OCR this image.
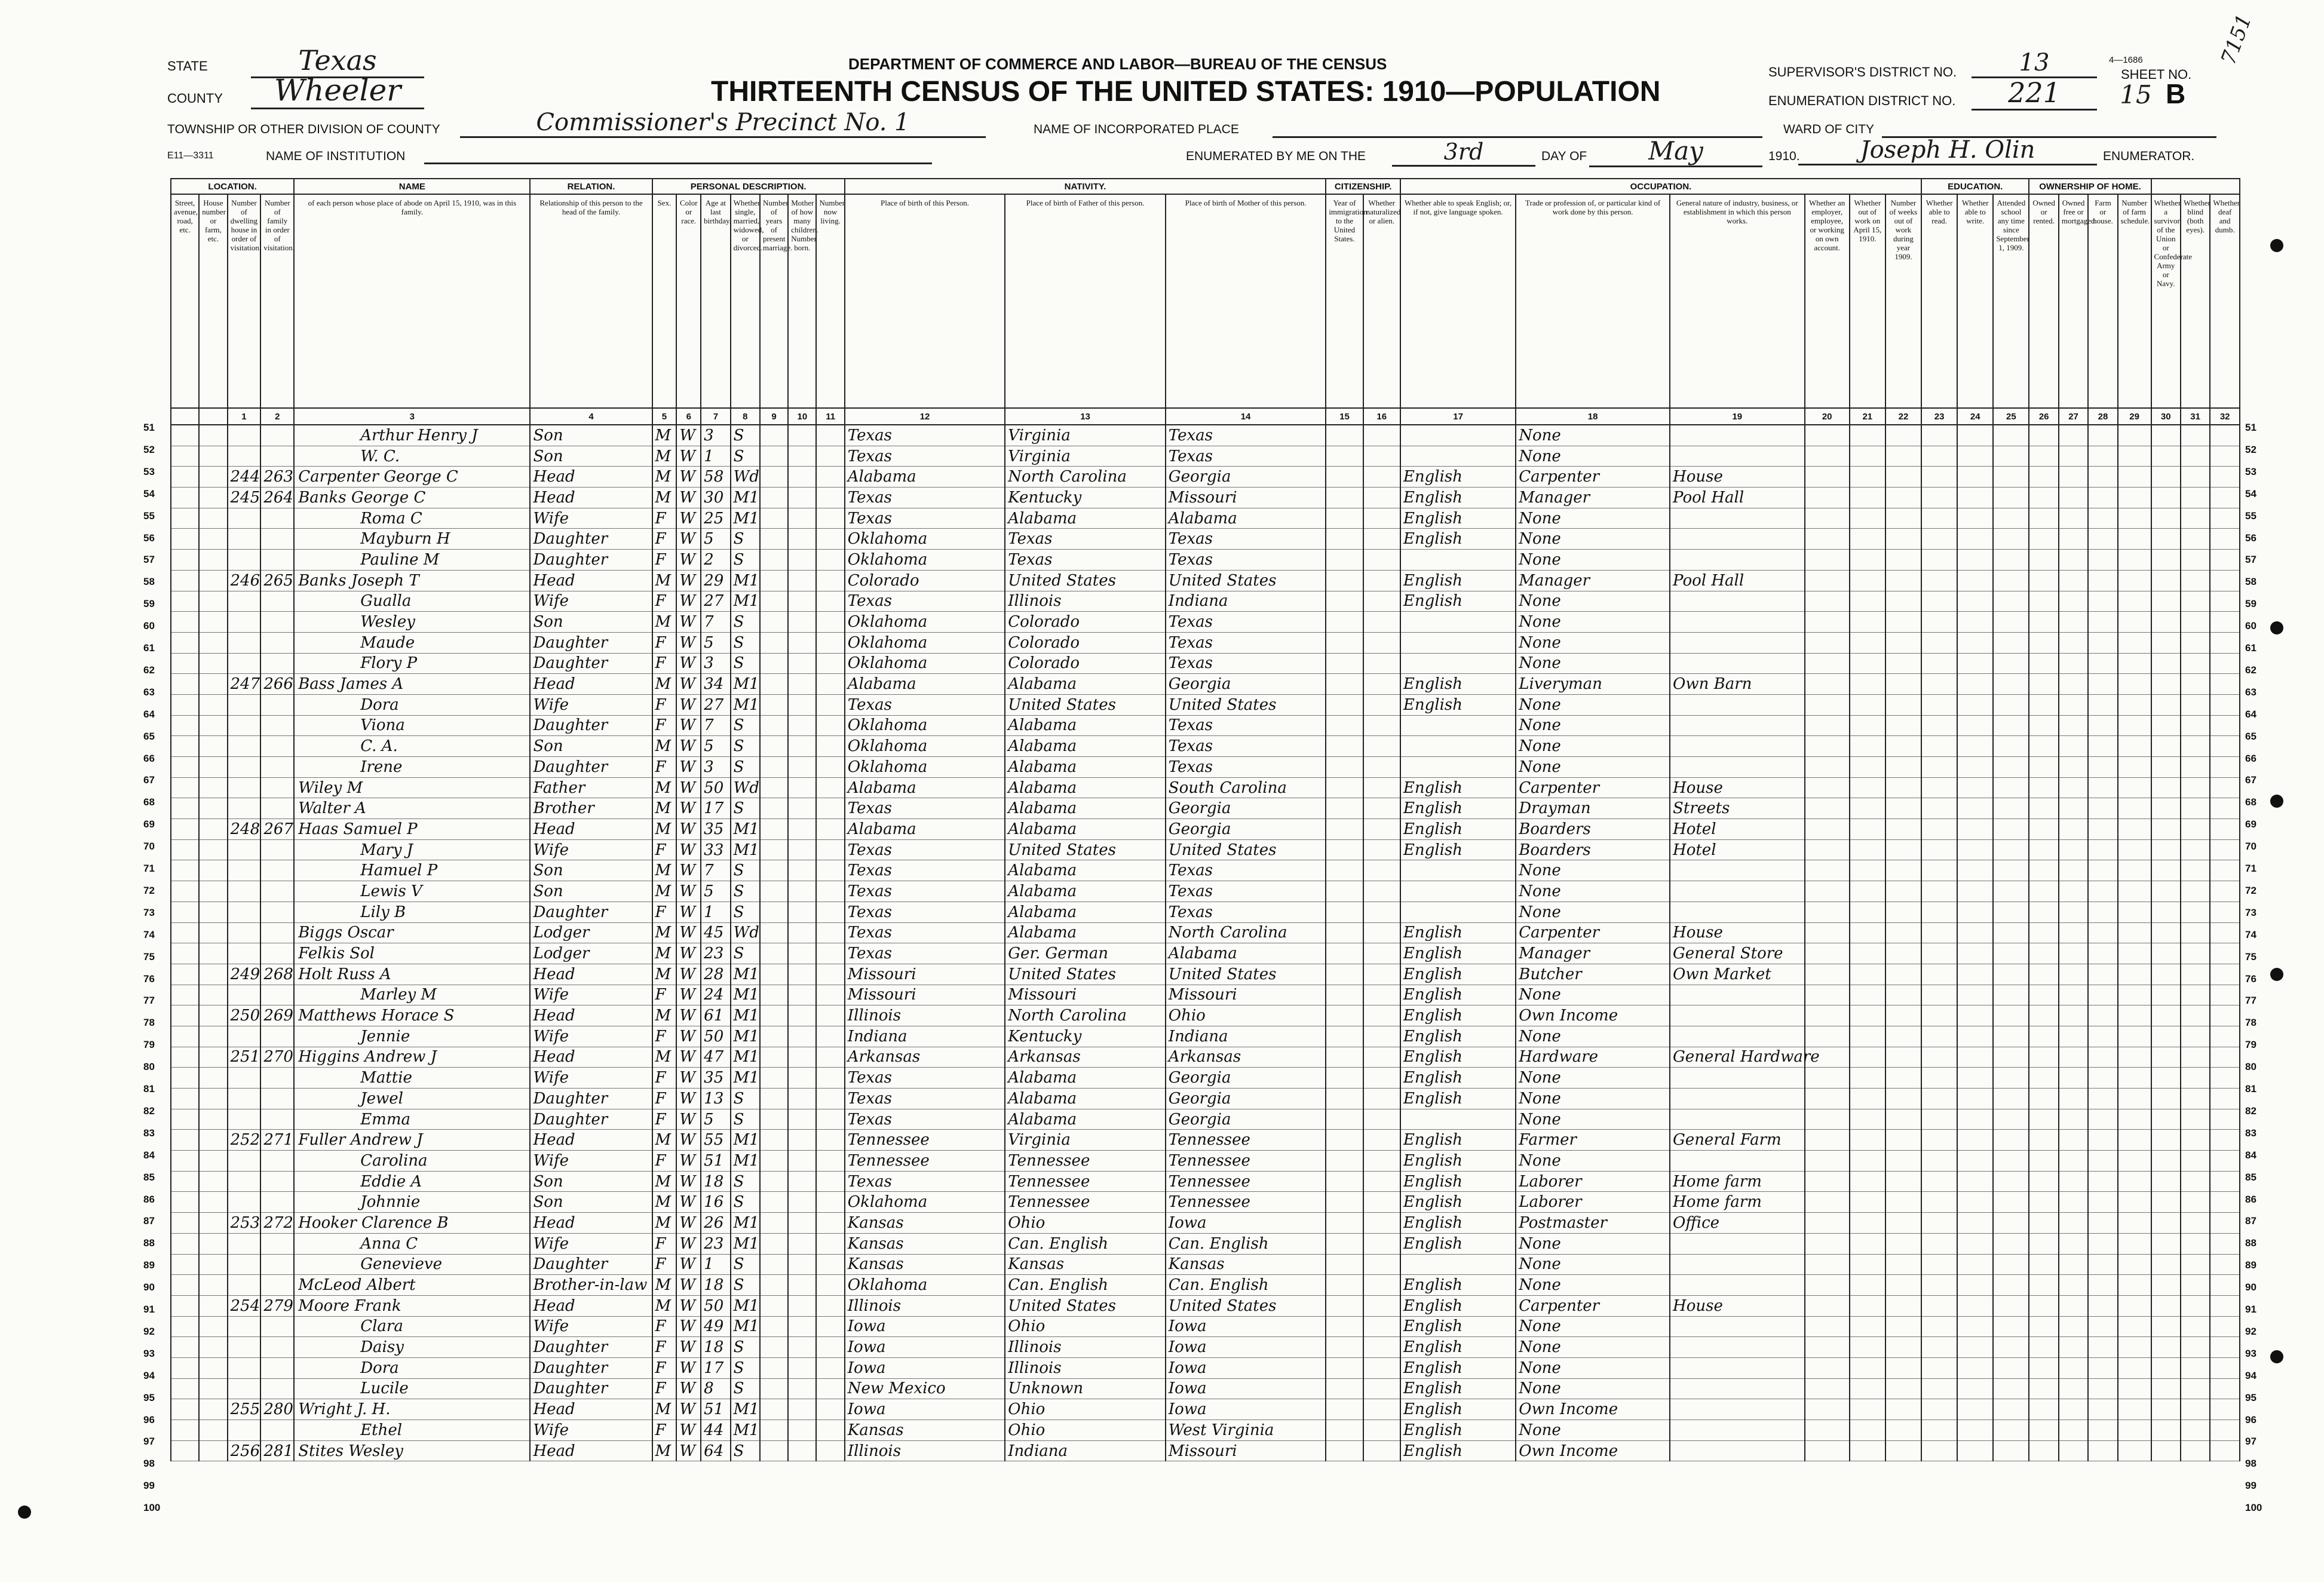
STATE	Texas
COUNTY	Wheeler
TOWNSHIP OR OTHER DIVISION OF COUNTY	Commissioner's Precinct No. 1	NAME OF INCORPORATED PLACE	WARD OF CITY
E11—3311	NAME OF INSTITUTION
DEPARTMENT OF COMMERCE AND LABOR—BUREAU OF THE CENSUS
THIRTEENTH CENSUS OF THE UNITED STATES: 1910—POPULATION
ENUMERATED BY ME ON THE	3rd	DAY OF	May	1910.	Joseph H. Olin	ENUMERATOR.
SUPERVISOR'S DISTRICT NO.	13
ENUMERATION DISTRICT NO.	221
4—1686
SHEET NO.
15 B
7151
LOCATION.				NAME	RELATION.	PERSONAL DESCRIPTION.							NATIVITY.			CITIZENSHIP.		OCCUPATION.						EDUCATION.			OWNERSHIP OF HOME.						
Street, avenue, road, etc.	House number or farm, etc.	Number of dwelling house in order of visitation.	Number of family in order of visitation.	of each person whose place of abode on April 15, 1910, was in this family.	Relationship of this person to the head of the family.	Sex.	Color or race.	Age at last birthday.	Whether single, married, widowed, or divorced.	Number of years of present marriage.	Mother of how many children. Number born.	Number now living.	Place of birth of this Person.	Place of birth of Father of this person.	Place of birth of Mother of this person.	Year of immigration to the United States.	Whether naturalized or alien.	Whether able to speak English; or, if not, give language spoken.	Trade or profession of, or particular kind of work done by this person.	General nature of industry, business, or establishment in which this person works.	Whether an employer, employee, or working on own account.	Whether out of work on April 15, 1910.	Number of weeks out of work during year 1909.	Whether able to read.	Whether able to write.	Attended school any time since September 1, 1909.	Owned or rented.	Owned free or mortgaged.	Farm or house.	Number of farm schedule.	Whether a survivor of the Union or Confederate Army or Navy.	Whether blind (both eyes).	Whether deaf and dumb.
		1	2	3	4	5	6	7	8	9	10	11	12	13	14	15	16	17	18	19	20	21	22	23	24	25	26	27	28	29	30	31	32
				Arthur Henry J	Son	M	W	3	S				Texas	Virginia	Texas				None														
				W. C.	Son	M	W	1	S				Texas	Virginia	Texas				None														
		244	263	Carpenter George C	Head	M	W	58	Wd				Alabama	North Carolina	Georgia			English	Carpenter	House													
		245	264	Banks George C	Head	M	W	30	M1				Texas	Kentucky	Missouri			English	Manager	Pool Hall													
				Roma C	Wife	F	W	25	M1				Texas	Alabama	Alabama			English	None														
				Mayburn H	Daughter	F	W	5	S				Oklahoma	Texas	Texas			English	None														
				Pauline M	Daughter	F	W	2	S				Oklahoma	Texas	Texas				None														
		246	265	Banks Joseph T	Head	M	W	29	M1				Colorado	United States	United States			English	Manager	Pool Hall													
				Gualla	Wife	F	W	27	M1				Texas	Illinois	Indiana			English	None														
				Wesley	Son	M	W	7	S				Oklahoma	Colorado	Texas				None														
				Maude	Daughter	F	W	5	S				Oklahoma	Colorado	Texas				None														
				Flory P	Daughter	F	W	3	S				Oklahoma	Colorado	Texas				None														
		247	266	Bass James A	Head	M	W	34	M1				Alabama	Alabama	Georgia			English	Liveryman	Own Barn													
				Dora	Wife	F	W	27	M1				Texas	United States	United States			English	None														
				Viona	Daughter	F	W	7	S				Oklahoma	Alabama	Texas				None														
				C. A.	Son	M	W	5	S				Oklahoma	Alabama	Texas				None														
				Irene	Daughter	F	W	3	S				Oklahoma	Alabama	Texas				None														
				Wiley M	Father	M	W	50	Wd				Alabama	Alabama	South Carolina			English	Carpenter	House													
				Walter A	Brother	M	W	17	S				Texas	Alabama	Georgia			English	Drayman	Streets													
		248	267	Haas Samuel P	Head	M	W	35	M1				Alabama	Alabama	Georgia			English	Boarders	Hotel													
				Mary J	Wife	F	W	33	M1				Texas	United States	United States			English	Boarders	Hotel													
				Hamuel P	Son	M	W	7	S				Texas	Alabama	Texas				None														
				Lewis V	Son	M	W	5	S				Texas	Alabama	Texas				None														
				Lily B	Daughter	F	W	1	S				Texas	Alabama	Texas				None														
				Biggs Oscar	Lodger	M	W	45	Wd				Texas	Alabama	North Carolina			English	Carpenter	House													
				Felkis Sol	Lodger	M	W	23	S				Texas	Ger. German	Alabama			English	Manager	General Store													
		249	268	Holt Russ A	Head	M	W	28	M1				Missouri	United States	United States			English	Butcher	Own Market													
				Marley M	Wife	F	W	24	M1				Missouri	Missouri	Missouri			English	None														
		250	269	Matthews Horace S	Head	M	W	61	M1				Illinois	North Carolina	Ohio			English	Own Income														
				Jennie	Wife	F	W	50	M1				Indiana	Kentucky	Indiana			English	None														
		251	270	Higgins Andrew J	Head	M	W	47	M1				Arkansas	Arkansas	Arkansas			English	Hardware	General Hardware													
				Mattie	Wife	F	W	35	M1				Texas	Alabama	Georgia			English	None														
				Jewel	Daughter	F	W	13	S				Texas	Alabama	Georgia			English	None														
				Emma	Daughter	F	W	5	S				Texas	Alabama	Georgia				None														
		252	271	Fuller Andrew J	Head	M	W	55	M1				Tennessee	Virginia	Tennessee			English	Farmer	General Farm													
				Carolina	Wife	F	W	51	M1				Tennessee	Tennessee	Tennessee			English	None														
				Eddie A	Son	M	W	18	S				Texas	Tennessee	Tennessee			English	Laborer	Home farm													
				Johnnie	Son	M	W	16	S				Oklahoma	Tennessee	Tennessee			English	Laborer	Home farm													
		253	272	Hooker Clarence B	Head	M	W	26	M1				Kansas	Ohio	Iowa			English	Postmaster	Office													
				Anna C	Wife	F	W	23	M1				Kansas	Can. English	Can. English			English	None														
				Genevieve	Daughter	F	W	1	S				Kansas	Kansas	Kansas				None														
				McLeod Albert	Brother-in-law	M	W	18	S				Oklahoma	Can. English	Can. English			English	None														
		254	279	Moore Frank	Head	M	W	50	M1				Illinois	United States	United States			English	Carpenter	House													
				Clara	Wife	F	W	49	M1				Iowa	Ohio	Iowa			English	None														
				Daisy	Daughter	F	W	18	S				Iowa	Illinois	Iowa			English	None														
				Dora	Daughter	F	W	17	S				Iowa	Illinois	Iowa			English	None														
				Lucile	Daughter	F	W	8	S				New Mexico	Unknown	Iowa			English	None														
		255	280	Wright J. H.	Head	M	W	51	M1				Iowa	Ohio	Iowa			English	Own Income														
				Ethel	Wife	F	W	44	M1				Kansas	Ohio	West Virginia			English	None														
		256	281	Stites Wesley	Head	M	W	64	S				Illinois	Indiana	Missouri			English	Own Income														
51	51
52	52
53	53
54	54
55	55
56	56
57	57
58	58
59	59
60	60
61	61
62	62
63	63
64	64
65	65
66	66
67	67
68	68
69	69
70	70
71	71
72	72
73	73
74	74
75	75
76	76
77	77
78	78
79	79
80	80
81	81
82	82
83	83
84	84
85	85
86	86
87	87
88	88
89	89
90	90
91	91
92	92
93	93
94	94
95	95
96	96
97	97
98	98
99	99
100	100
